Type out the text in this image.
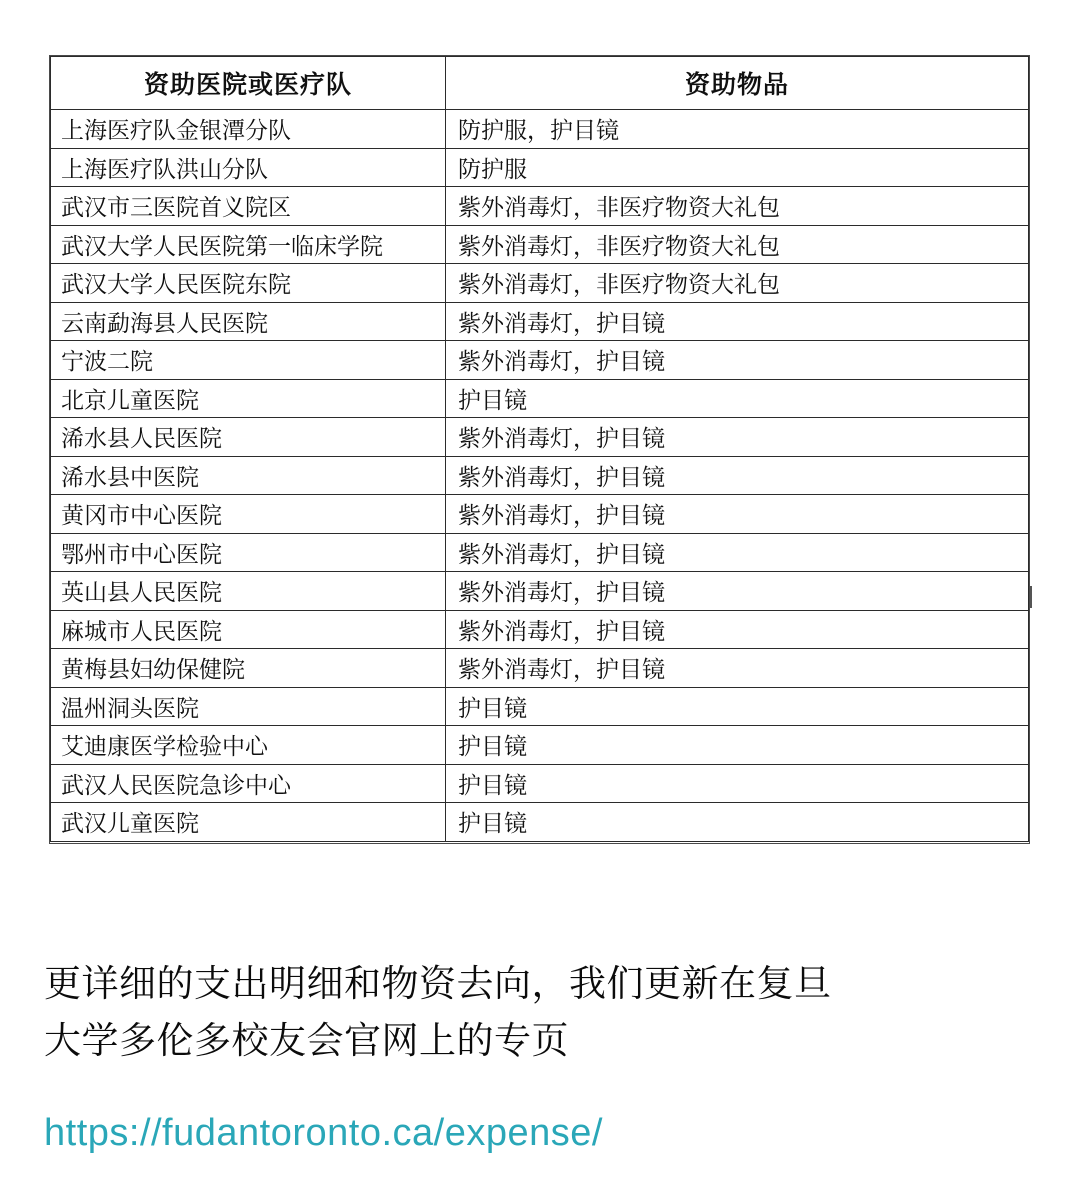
资助医院或医疗队	资助物品
上海医疗队金银潭分队	防护服，护目镜
上海医疗队洪山分队	防护服
武汉市三医院首义院区	紫外消毒灯，非医疗物资大礼包
武汉大学人民医院第一临床学院	紫外消毒灯，非医疗物资大礼包
武汉大学人民医院东院	紫外消毒灯，非医疗物资大礼包
云南勐海县人民医院	紫外消毒灯，护目镜
宁波二院	紫外消毒灯，护目镜
北京儿童医院	护目镜
浠水县人民医院	紫外消毒灯，护目镜
浠水县中医院	紫外消毒灯，护目镜
黄冈市中心医院	紫外消毒灯，护目镜
鄂州市中心医院	紫外消毒灯，护目镜
英山县人民医院	紫外消毒灯，护目镜
麻城市人民医院	紫外消毒灯，护目镜
黄梅县妇幼保健院	紫外消毒灯，护目镜
温州洞头医院	护目镜
艾迪康医学检验中心	护目镜
武汉人民医院急诊中心	护目镜
武汉儿童医院	护目镜
更详细的支出明细和物资去向，我们更新在复旦
大学多伦多校友会官网上的专页
https://fudantoronto.ca/expense/
